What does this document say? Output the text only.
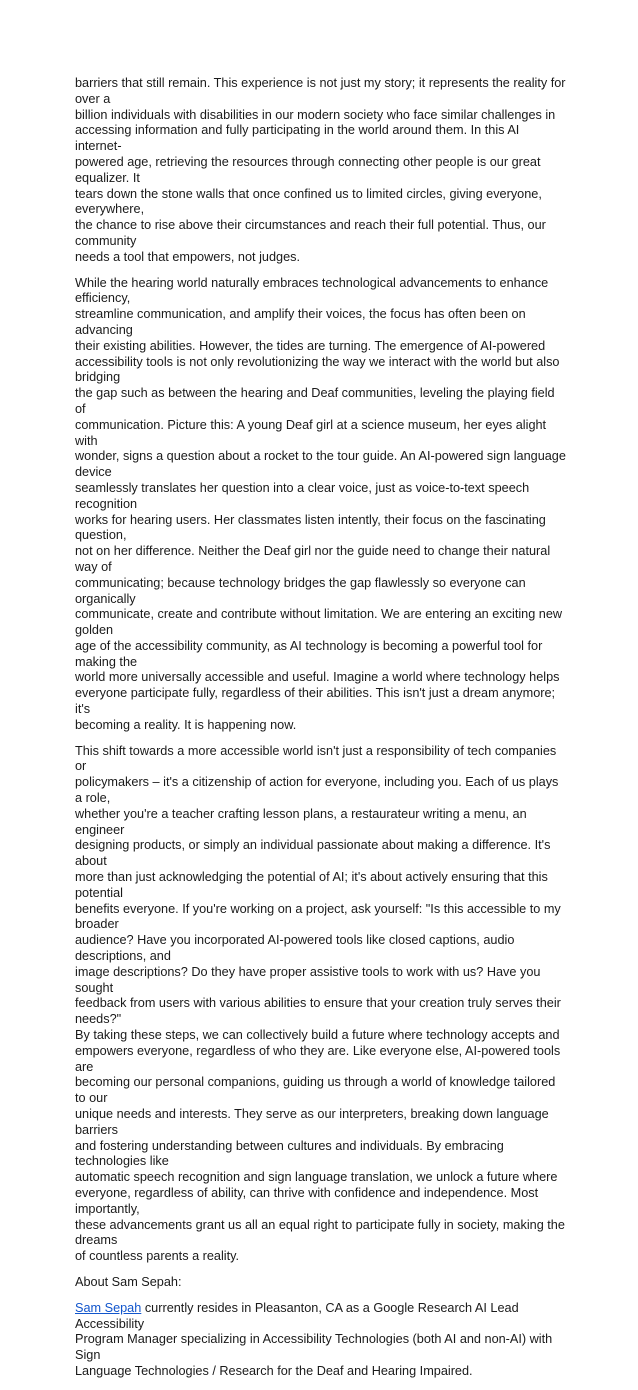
barriers that still remain. This experience is not just my story; it represents the reality for over a
billion individuals with disabilities in our modern society who face similar challenges in
accessing information and fully participating in the world around them. In this AI internet-
powered age, retrieving the resources through connecting other people is our great equalizer. It
tears down the stone walls that once confined us to limited circles, giving everyone, everywhere,
the chance to rise above their circumstances and reach their full potential. Thus, our community
needs a tool that empowers, not judges.

While the hearing world naturally embraces technological advancements to enhance efficiency,
streamline communication, and amplify their voices, the focus has often been on advancing
their existing abilities. However, the tides are turning. The emergence of AI-powered
accessibility tools is not only revolutionizing the way we interact with the world but also bridging
the gap such as between the hearing and Deaf communities, leveling the playing field of
communication. Picture this: A young Deaf girl at a science museum, her eyes alight with
wonder, signs a question about a rocket to the tour guide. An AI-powered sign language device
seamlessly translates her question into a clear voice, just as voice-to-text speech recognition
works for hearing users. Her classmates listen intently, their focus on the fascinating question,
not on her difference. Neither the Deaf girl nor the guide need to change their natural way of
communicating; because technology bridges the gap flawlessly so everyone can organically
communicate, create and contribute without limitation. We are entering an exciting new golden
age of the accessibility community, as AI technology is becoming a powerful tool for making the
world more universally accessible and useful. Imagine a world where technology helps
everyone participate fully, regardless of their abilities. This isn't just a dream anymore; it's
becoming a reality. It is happening now.

This shift towards a more accessible world isn't just a responsibility of tech companies or
policymakers – it's a citizenship of action for everyone, including you. Each of us plays a role,
whether you're a teacher crafting lesson plans, a restaurateur writing a menu, an engineer
designing products, or simply an individual passionate about making a difference. It's about
more than just acknowledging the potential of AI; it's about actively ensuring that this potential
benefits everyone. If you're working on a project, ask yourself: "Is this accessible to my broader
audience? Have you incorporated AI-powered tools like closed captions, audio descriptions, and
image descriptions? Do they have proper assistive tools to work with us? Have you sought
feedback from users with various abilities to ensure that your creation truly serves their needs?"
By taking these steps, we can collectively build a future where technology accepts and
empowers everyone, regardless of who they are. Like everyone else, AI-powered tools are
becoming our personal companions, guiding us through a world of knowledge tailored to our
unique needs and interests. They serve as our interpreters, breaking down language barriers
and fostering understanding between cultures and individuals. By embracing technologies like
automatic speech recognition and sign language translation, we unlock a future where
everyone, regardless of ability, can thrive with confidence and independence. Most importantly,
these advancements grant us all an equal right to participate fully in society, making the dreams
of countless parents a reality.

About Sam Sepah:

Sam Sepah currently resides in Pleasanton, CA as a Google Research AI Lead Accessibility
Program Manager specializing in Accessibility Technologies (both AI and non-AI) with Sign
Language Technologies / Research for the Deaf and Hearing Impaired.
